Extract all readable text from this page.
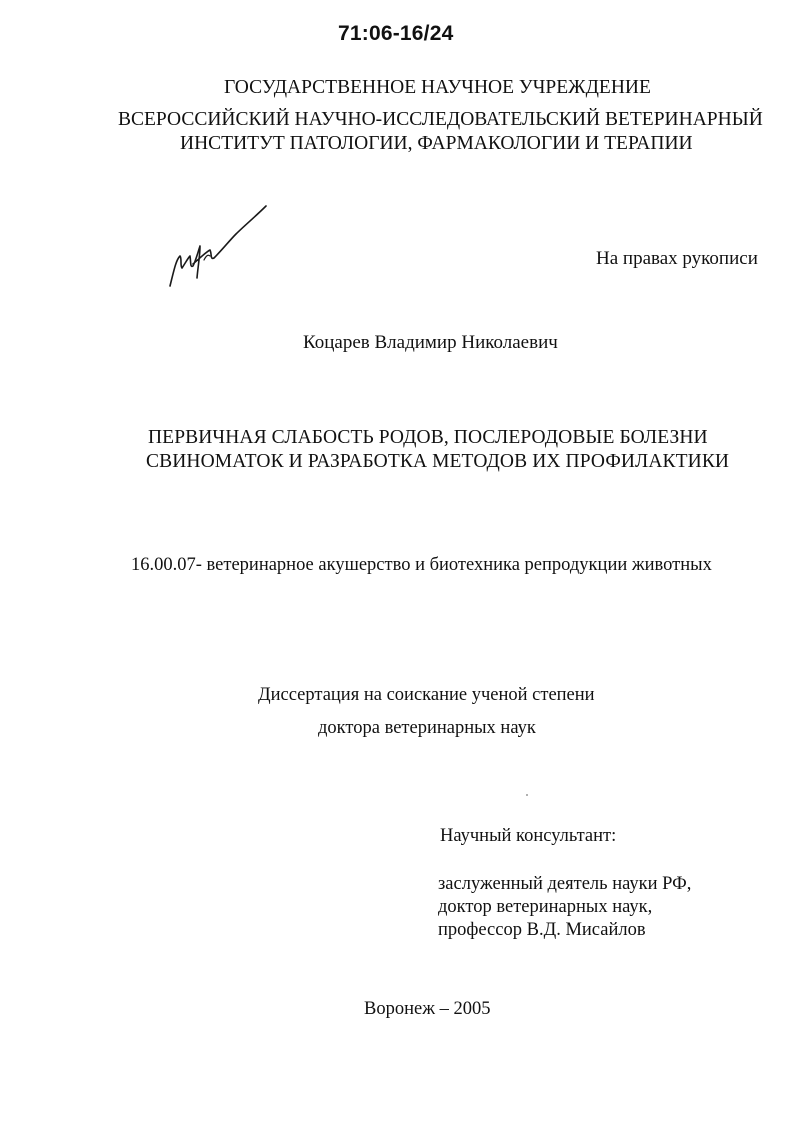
71:06-16/24

ГОСУДАРСТВЕННОЕ НАУЧНОЕ УЧРЕЖДЕНИЕ

ВСЕРОССИЙСКИЙ НАУЧНО-ИССЛЕДОВАТЕЛЬСКИЙ ВЕТЕРИНАРНЫЙ

ИНСТИТУТ ПАТОЛОГИИ, ФАРМАКОЛОГИИ И ТЕРАПИИ

На правах рукописи

Коцарев Владимир Николаевич

ПЕРВИЧНАЯ СЛАБОСТЬ РОДОВ, ПОСЛЕРОДОВЫЕ БОЛЕЗНИ

СВИНОМАТОК И РАЗРАБОТКА МЕТОДОВ ИХ ПРОФИЛАКТИКИ

16.00.07- ветеринарное акушерство и биотехника репродукции животных

Диссертация на соискание ученой степени

доктора ветеринарных наук

Научный консультант:

заслуженный деятель науки РФ,

доктор ветеринарных наук,

профессор В.Д. Мисайлов

Воронеж – 2005
